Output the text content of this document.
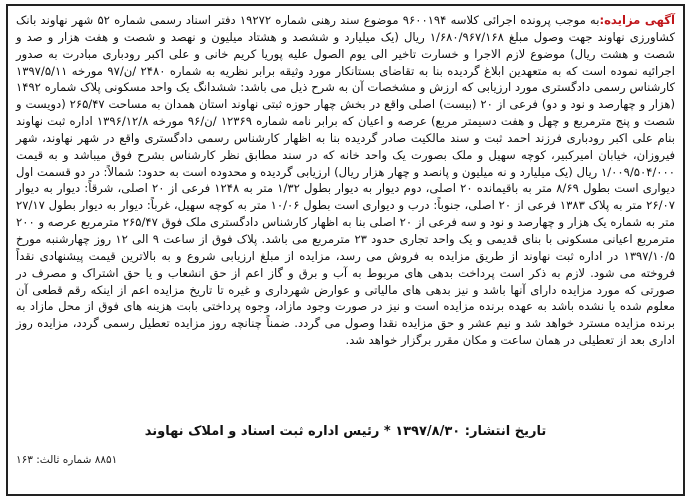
آگهی مزایده:به موجب پرونده اجرائی کلاسه ۹۶۰۰۱۹۴ موضوع سند رهنی شماره ۱۹۲۷۲ دفتر اسناد رسمی شماره ۵۲ شهر نهاوند بانک کشاورزی نهاوند جهت وصول مبلغ ۱/۶۸۰/۹۶۷/۱۶۸ ریال (یک میلیارد و ششصد و هشتاد میلیون و نهصد و شصت و هفت هزار و صد و شصت و هشت ریال) موضوع لازم الاجرا و خسارت تاخیر الی یوم الصول علیه پوریا کریم خانی و علی اکبر رودباری مبادرت به صدور اجرائیه نموده است که به متعهدین ابلاغ گردیده بنا به تقاضای بستانکار مورد وثیقه برابر نظریه به شماره ۲۴۸۰ /ن/۹۷ مورخه ۱۳۹۷/۵/۱۱ کارشناس رسمی دادگستری مورد ارزیابی که ارزش و مشخصات آن به شرح ذیل می باشد: ششدانگ یک واحد مسکونی پلاک شماره ۱۴۹۲ (هزار و چهارصد و نود و دو) فرعی از ۲۰ (بیست) اصلی واقع در بخش چهار حوزه ثبتی نهاوند استان همدان به مساحت ۲۶۵/۴۷ (دویست و شصت و پنج مترمربع و چهل و هفت دسیمتر مربع) عرصه و اعیان که برابر نامه شماره ۱۲۳۶۹ /ن/۹۶ مورخه ۱۳۹۶/۱۲/۸ اداره ثبت نهاوند بنام علی اکبر رودباری فرزند احمد ثبت و سند مالکیت صادر گردیده بنا به اظهار کارشناس رسمی دادگستری واقع در شهر نهاوند، شهر فیروزان، خیابان امیرکبیر، کوچه سهیل و ملک بصورت یک واحد خانه که در سند مطابق نظر کارشناس بشرح فوق میباشد و به قیمت ۱/۰۰۹/۵۰۴/۰۰۰ ریال (یک میلیارد و نه میلیون و پانصد و چهار هزار ریال) ارزیابی گردیده و محدوده است به حدود: شمالاً: در دو قسمت اول دیواری است بطول ۸/۶۹ متر به باقیمانده ۲۰ اصلی، دوم دیوار به دیوار بطول ۱/۳۲ متر به ۱۲۴۸ فرعی از ۲۰ اصلی، شرقاً: دیوار به دیوار ۲۶/۰۷ متر به پلاک ۱۳۸۳ فرعی از ۲۰ اصلی، جنوباً: درب و دیواری است بطول ۱۰/۰۶ متر به کوچه سهیل، غرباً: دیوار به دیوار بطول ۲۷/۱۷ متر به شماره یک هزار و چهارصد و نود و سه فرعی از ۲۰ اصلی بنا به اظهار کارشناس دادگستری ملک فوق ۲۶۵/۴۷ مترمربع عرصه و ۲۰۰ مترمربع اعیانی مسکونی با بنای قدیمی و یک واحد تجاری حدود ۲۳ مترمربع می باشد. پلاک فوق از ساعت ۹ الی ۱۲ روز چهارشنبه مورخ ۱۳۹۷/۱۰/۵ در اداره ثبت نهاوند از طریق مزایده به فروش می رسد، مزایده از مبلغ ارزیابی شروع و به بالاترین قیمت پیشنهادی نقداً فروخته می شود. لازم به ذکر است پرداخت بدهی های مربوط به آب و برق و گاز اعم از حق انشعاب و یا حق اشتراک و مصرف در صورتی که مورد مزایده دارای آنها باشد و نیز بدهی های مالیاتی و عوارض شهرداری و غیره تا تاریخ مزایده اعم از اینکه رقم قطعی آن معلوم شده یا نشده باشد به عهده برنده مزایده است و نیز در صورت وجود مازاد، وجوه پرداختی بابت هزینه های فوق از محل مازاد به برنده مزایده مسترد خواهد شد و نیم عشر و حق مزایده نقدا وصول می گردد. ضمناً چنانچه روز مزایده تعطیل رسمی گردد، مزایده روز اداری بعد از تعطیلی در همان ساعت و مکان مقرر برگزار خواهد شد.
تاریخ انتشار: ۱۳۹۷/۸/۳۰ * رئیس اداره ثبت اسناد و املاک نهاوند
۸۸۵۱ شماره ثالث: ۱۶۳
